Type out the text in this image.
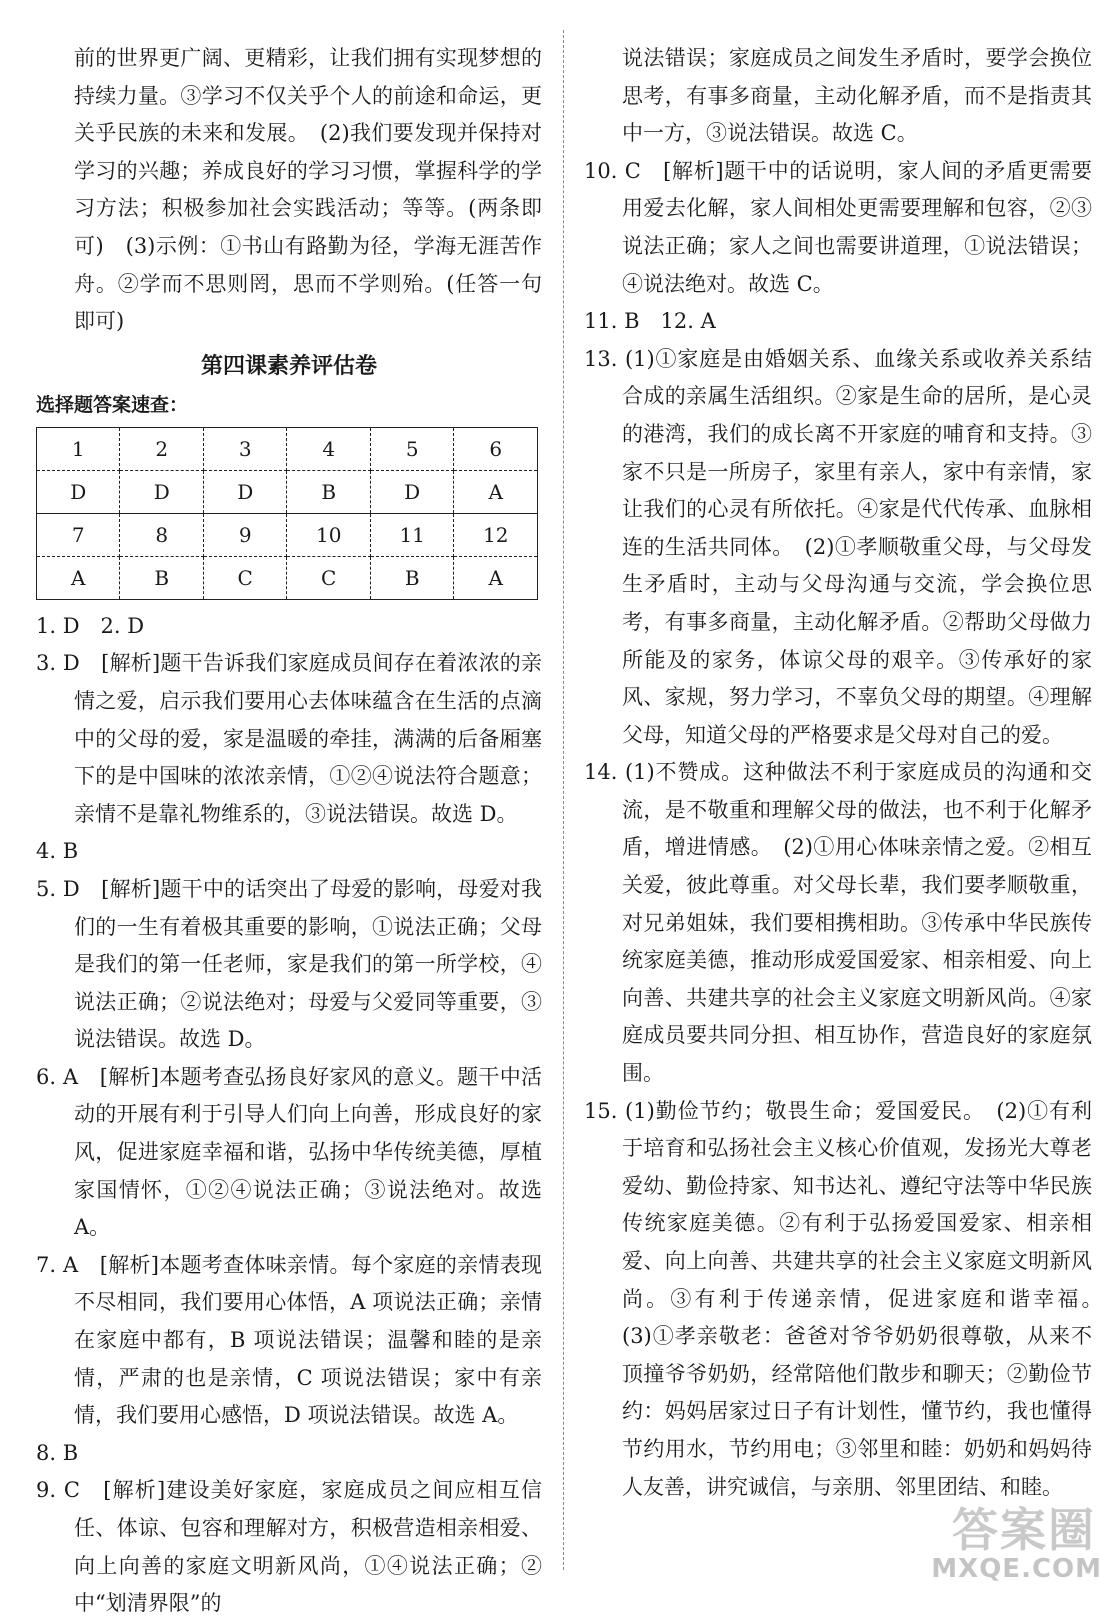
前的世界更广阔、更精彩，让我们拥有实现梦想的持续力量。③学习不仅关乎个人的前途和命运，更关乎民族的未来和发展。　(2)我们要发现并保持对学习的兴趣；养成良好的学习习惯，掌握科学的学习方法；积极参加社会实践活动；等等。(两条即可)　(3)示例：①书山有路勤为径，学海无涯苦作舟。②学而不思则罔，思而不学则殆。(任答一句即可)

第四课素养评估卷
选择题答案速查：
1	2	3	4	5	6
D	D	D	B	D	A
7	8	9	10	11	12
A	B	C	C	B	A

1. D　2. D

3. D　[解析]题干告诉我们家庭成员间存在着浓浓的亲情之爱，启示我们要用心去体味蕴含在生活的点滴中的父母的爱，家是温暖的牵挂，满满的后备厢塞下的是中国味的浓浓亲情，①②④说法符合题意；亲情不是靠礼物维系的，③说法错误。故选 D。

4. B

5. D　[解析]题干中的话突出了母爱的影响，母爱对我们的一生有着极其重要的影响，①说法正确；父母是我们的第一任老师，家是我们的第一所学校，④说法正确；②说法绝对；母爱与父爱同等重要，③说法错误。故选 D。

6. A　[解析]本题考查弘扬良好家风的意义。题干中活动的开展有利于引导人们向上向善，形成良好的家风，促进家庭幸福和谐，弘扬中华传统美德，厚植家国情怀，①②④说法正确；③说法绝对。故选 A。

7. A　[解析]本题考查体味亲情。每个家庭的亲情表现不尽相同，我们要用心体悟，A 项说法正确；亲情在家庭中都有，B 项说法错误；温馨和睦的是亲情，严肃的也是亲情，C 项说法错误；家中有亲情，我们要用心感悟，D 项说法错误。故选 A。

8. B

9. C　[解析]建设美好家庭，家庭成员之间应相互信任、体谅、包容和理解对方，积极营造相亲相爱、向上向善的家庭文明新风尚，①④说法正确；②中“划清界限”的

说法错误；家庭成员之间发生矛盾时，要学会换位思考，有事多商量，主动化解矛盾，而不是指责其中一方，③说法错误。故选 C。

10. C　[解析]题干中的话说明，家人间的矛盾更需要用爱去化解，家人间相处更需要理解和包容，②③说法正确；家人之间也需要讲道理，①说法错误；④说法绝对。故选 C。

11. B　12. A

13. (1)①家庭是由婚姻关系、血缘关系或收养关系结合成的亲属生活组织。②家是生命的居所，是心灵的港湾，我们的成长离不开家庭的哺育和支持。③家不只是一所房子，家里有亲人，家中有亲情，家让我们的心灵有所依托。④家是代代传承、血脉相连的生活共同体。　(2)①孝顺敬重父母，与父母发生矛盾时，主动与父母沟通与交流，学会换位思考，有事多商量，主动化解矛盾。②帮助父母做力所能及的家务，体谅父母的艰辛。③传承好的家风、家规，努力学习，不辜负父母的期望。④理解父母，知道父母的严格要求是父母对自己的爱。

14. (1)不赞成。这种做法不利于家庭成员的沟通和交流，是不敬重和理解父母的做法，也不利于化解矛盾，增进情感。　(2)①用心体味亲情之爱。②相互关爱，彼此尊重。对父母长辈，我们要孝顺敬重，对兄弟姐妹，我们要相携相助。③传承中华民族传统家庭美德，推动形成爱国爱家、相亲相爱、向上向善、共建共享的社会主义家庭文明新风尚。④家庭成员要共同分担、相互协作，营造良好的家庭氛围。

15. (1)勤俭节约；敬畏生命；爱国爱民。　(2)①有利于培育和弘扬社会主义核心价值观，发扬光大尊老爱幼、勤俭持家、知书达礼、遵纪守法等中华民族传统家庭美德。②有利于弘扬爱国爱家、相亲相爱、向上向善、共建共享的社会主义家庭文明新风尚。③有利于传递亲情，促进家庭和谐幸福。　(3)①孝亲敬老：爸爸对爷爷奶奶很尊敬，从来不顶撞爷爷奶奶，经常陪他们散步和聊天；②勤俭节约：妈妈居家过日子有计划性，懂节约，我也懂得节约用水，节约用电；③邻里和睦：奶奶和妈妈待人友善，讲究诚信，与亲朋、邻里团结、和睦。

答案圈
MXQE.COM
